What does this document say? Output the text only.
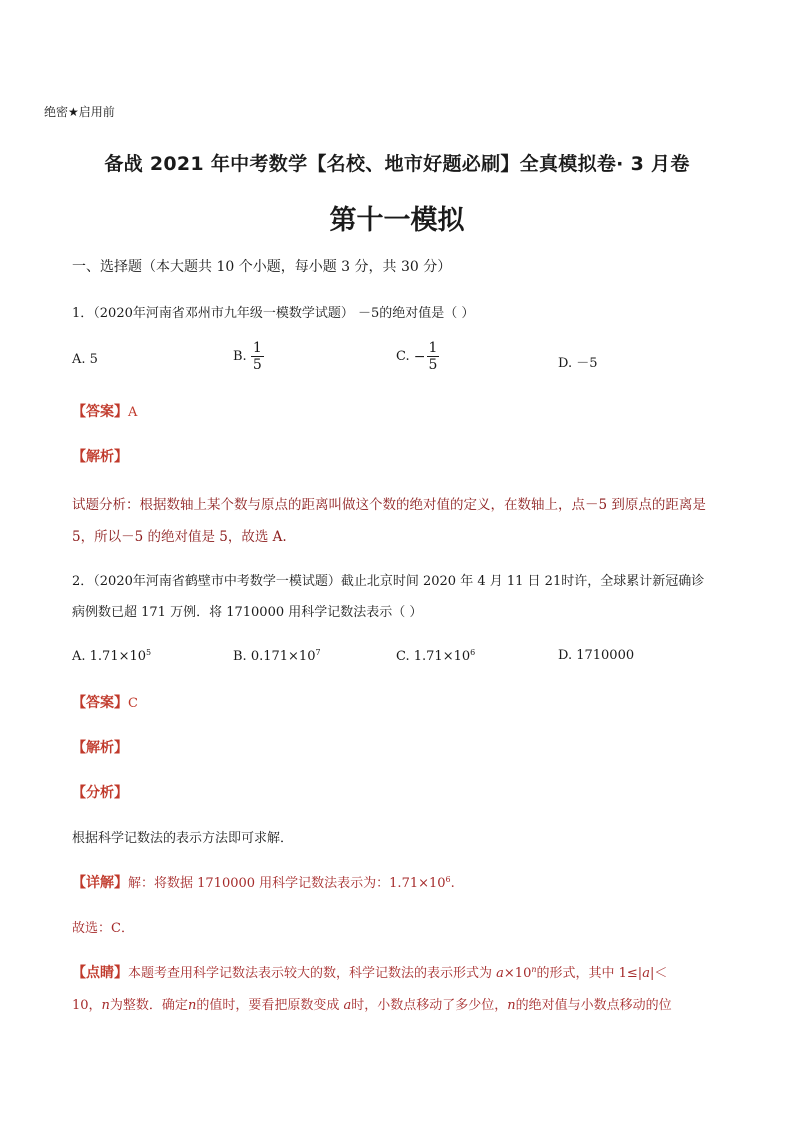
绝密★启用前
备战 2021 年中考数学【名校、地市好题必刷】全真模拟卷· 3 月卷
第十一模拟
一、选择题（本大题共 10 个小题，每小题 3 分，共 30 分）
1．（2020年河南省邓州市九年级一模数学试题） －5的绝对值是（ ）
A. 5	B. $\frac{1}{5}$	C. − $\frac{1}{5}$	D. －5
【答案】A
【解析】
试题分析：根据数轴上某个数与原点的距离叫做这个数的绝对值的定义，在数轴上，点－5 到原点的距离是
5，所以－5 的绝对值是 5，故选 A.
2．（2020年河南省鹤壁市中考数学一模试题）截止北京时间 2020 年 4 月 11 日 21时许，全球累计新冠确诊
病例数已超 171 万例．将 1710000 用科学记数法表示（ ）
A. $1.71\times 10^5$	B. $0.171\times 10^7$	C. $1.71\times 10^6$	D. 1710000
【答案】C
【解析】
【分析】
根据科学记数法的表示方法即可求解．
【详解】解：将数据 1710000 用科学记数法表示为：$1.71\times 10^6$.
故选：C．
【点睛】本题考查用科学记数法表示较大的数，科学记数法的表示形式为 $a\times 10^n$的形式，其中 1≤|a|＜
10，n为整数．确定n的值时，要看把原数变成 a时，小数点移动了多少位，n的绝对值与小数点移动的位
